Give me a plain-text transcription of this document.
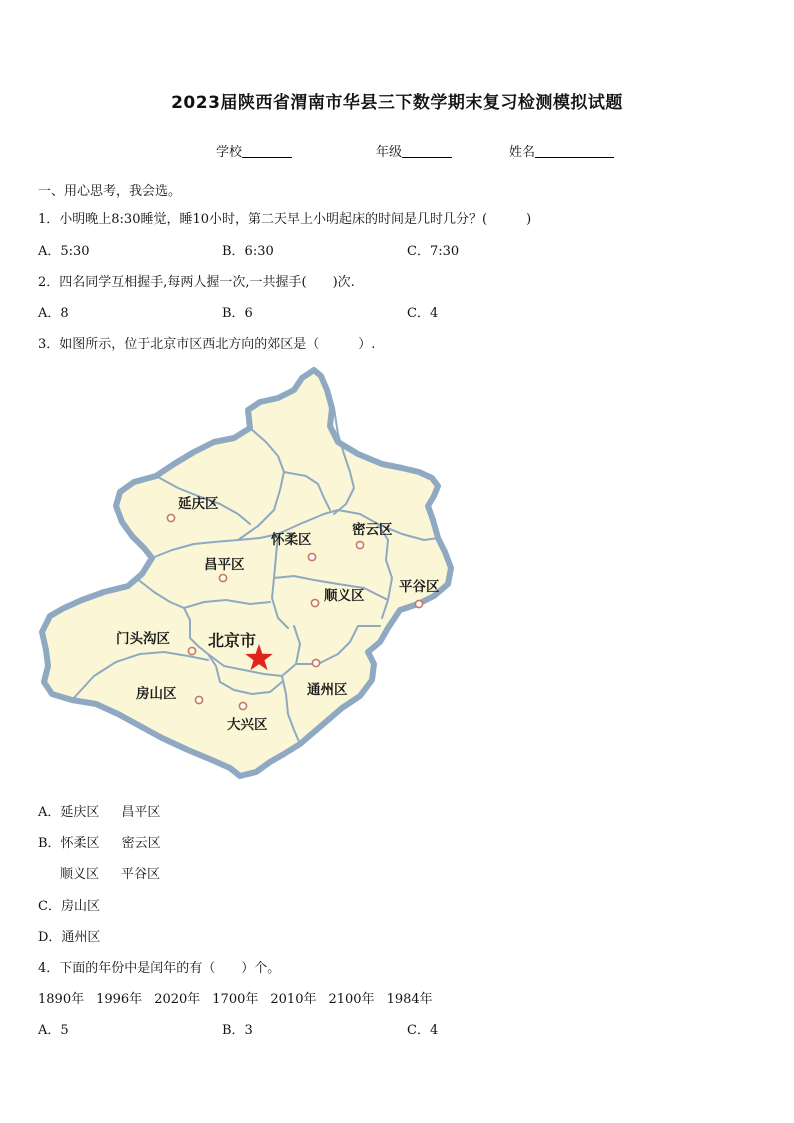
2023届陕西省渭南市华县三下数学期末复习检测模拟试题
学校	年级	姓名
一、用心思考，我会选。
1．小明晚上8:30睡觉，睡10小时，第二天早上小明起床的时间是几时几分？(　　　)
A．5:30	B．6:30	C．7:30
2．四名同学互相握手,每两人握一次,一共握手(　　)次.
A．8	B．6	C．4
3．如图所示，位于北京市区西北方向的郊区是（　　　）.
延庆区
怀柔区
密云区
昌平区
平谷区
顺义区
门头沟区 北京市
通州区
房山区
大兴区
A．延庆区 昌平区
B．怀柔区 密云区
顺义区 平谷区
C．房山区
D．通州区
4．下面的年份中是闰年的有（　　）个。
1890年 1996年 2020年 1700年 2010年 2100年 1984年
A．5	B．3	C．4
